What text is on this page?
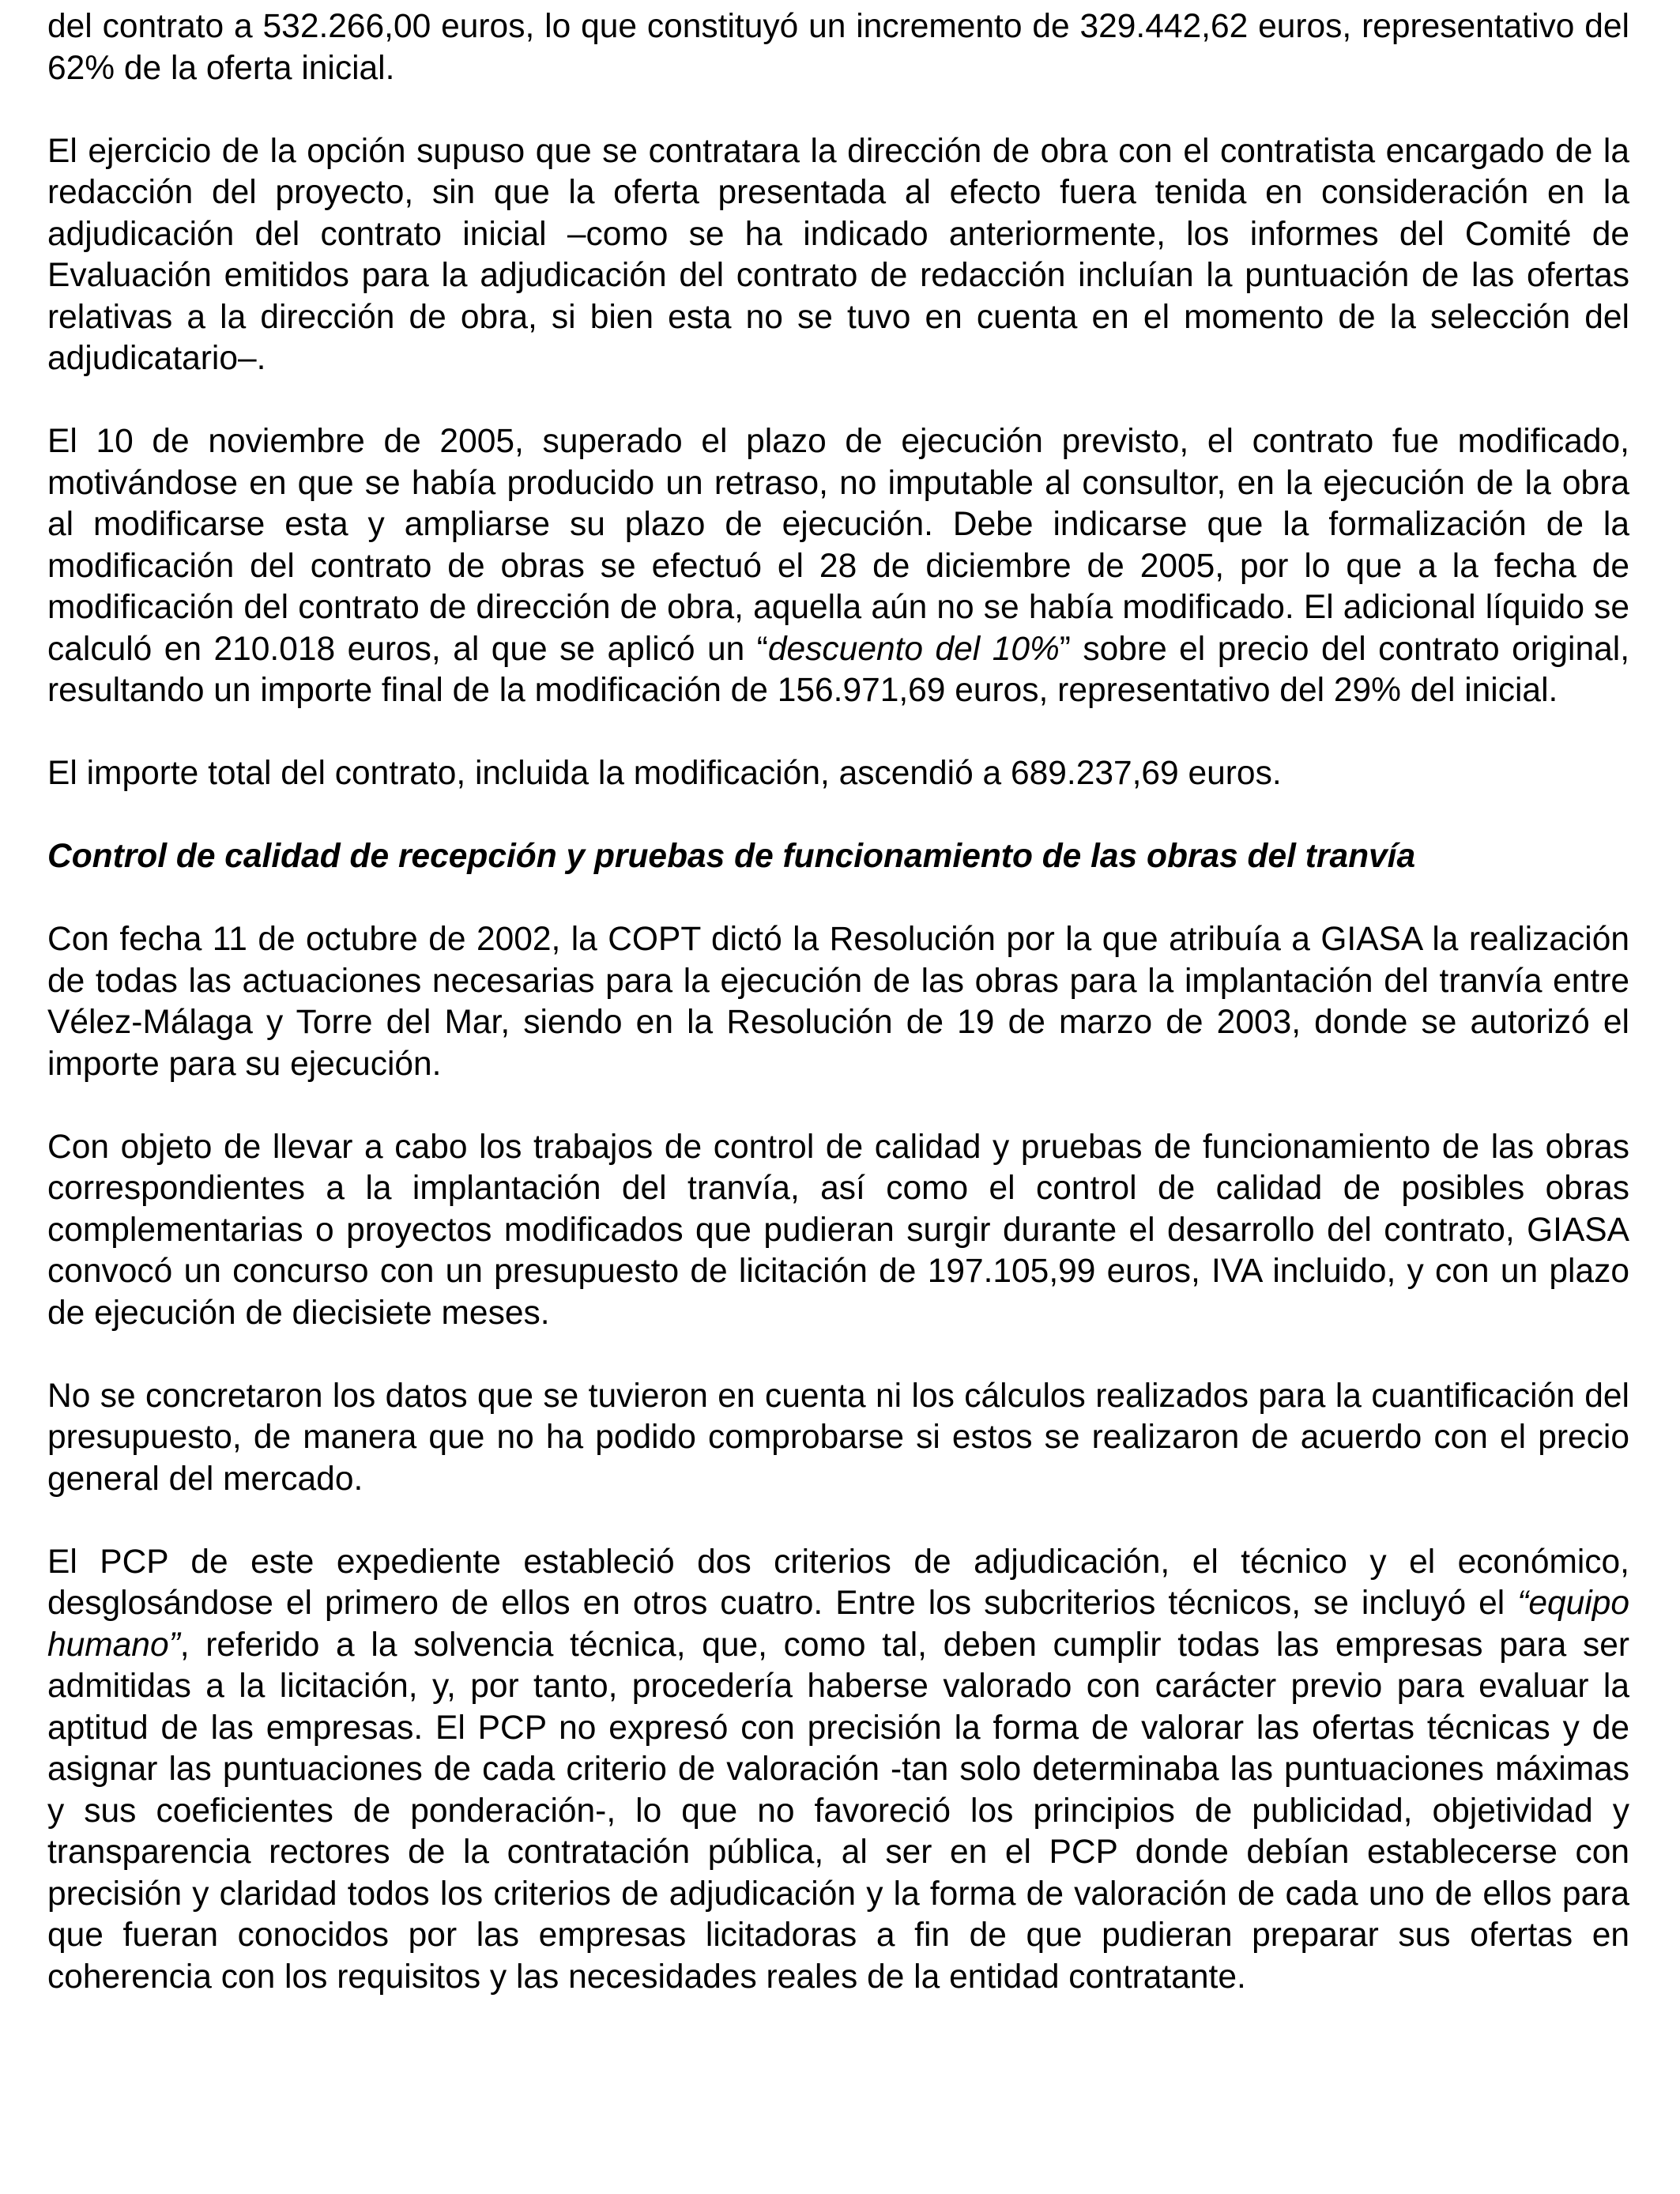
del contrato a 532.266,00 euros, lo que constituyó un incremento de 329.442,62 euros, representativo del 62% de la oferta inicial.

El ejercicio de la opción supuso que se contratara la dirección de obra con el contratista encargado de la redacción del proyecto, sin que la oferta presentada al efecto fuera tenida en consideración en la adjudicación del contrato inicial –como se ha indicado anteriormente, los informes del Comité de Evaluación emitidos para la adjudicación del contrato de redacción incluían la puntuación de las ofertas relativas a la dirección de obra, si bien esta no se tuvo en cuenta en el momento de la selección del adjudicatario–.

El 10 de noviembre de 2005, superado el plazo de ejecución previsto, el contrato fue modificado, motivándose en que se había producido un retraso, no imputable al consultor, en la ejecución de la obra al modificarse esta y ampliarse su plazo de ejecución. Debe indicarse que la formalización de la modificación del contrato de obras se efectuó el 28 de diciembre de 2005, por lo que a la fecha de modificación del contrato de dirección de obra, aquella aún no se había modificado. El adicional líquido se calculó en 210.018 euros, al que se aplicó un “descuento del 10%” sobre el precio del contrato original, resultando un importe final de la modificación de 156.971,69 euros, representativo del 29% del inicial.

El importe total del contrato, incluida la modificación, ascendió a 689.237,69 euros.

Control de calidad de recepción y pruebas de funcionamiento de las obras del tranvía

Con fecha 11 de octubre de 2002, la COPT dictó la Resolución por la que atribuía a GIASA la realización de todas las actuaciones necesarias para la ejecución de las obras para la implantación del tranvía entre Vélez-Málaga y Torre del Mar, siendo en la Resolución de 19 de marzo de 2003, donde se autorizó el importe para su ejecución.

Con objeto de llevar a cabo los trabajos de control de calidad y pruebas de funcionamiento de las obras correspondientes a la implantación del tranvía, así como el control de calidad de posibles obras complementarias o proyectos modificados que pudieran surgir durante el desarrollo del contrato, GIASA convocó un concurso con un presupuesto de licitación de 197.105,99 euros, IVA incluido, y con un plazo de ejecución de diecisiete meses.

No se concretaron los datos que se tuvieron en cuenta ni los cálculos realizados para la cuantificación del presupuesto, de manera que no ha podido comprobarse si estos se realizaron de acuerdo con el precio general del mercado.

El PCP de este expediente estableció dos criterios de adjudicación, el técnico y el económico, desglosándose el primero de ellos en otros cuatro. Entre los subcriterios técnicos, se incluyó el “equipo humano”, referido a la solvencia técnica, que, como tal, deben cumplir todas las empresas para ser admitidas a la licitación, y, por tanto, procedería haberse valorado con carácter previo para evaluar la aptitud de las empresas. El PCP no expresó con precisión la forma de valorar las ofertas técnicas y de asignar las puntuaciones de cada criterio de valoración -tan solo determinaba las puntuaciones máximas y sus coeficientes de ponderación-, lo que no favoreció los principios de publicidad, objetividad y transparencia rectores de la contratación pública, al ser en el PCP donde debían establecerse con precisión y claridad todos los criterios de adjudicación y la forma de valoración de cada uno de ellos para que fueran conocidos por las empresas licitadoras a fin de que pudieran preparar sus ofertas en coherencia con los requisitos y las necesidades reales de la entidad contratante.
